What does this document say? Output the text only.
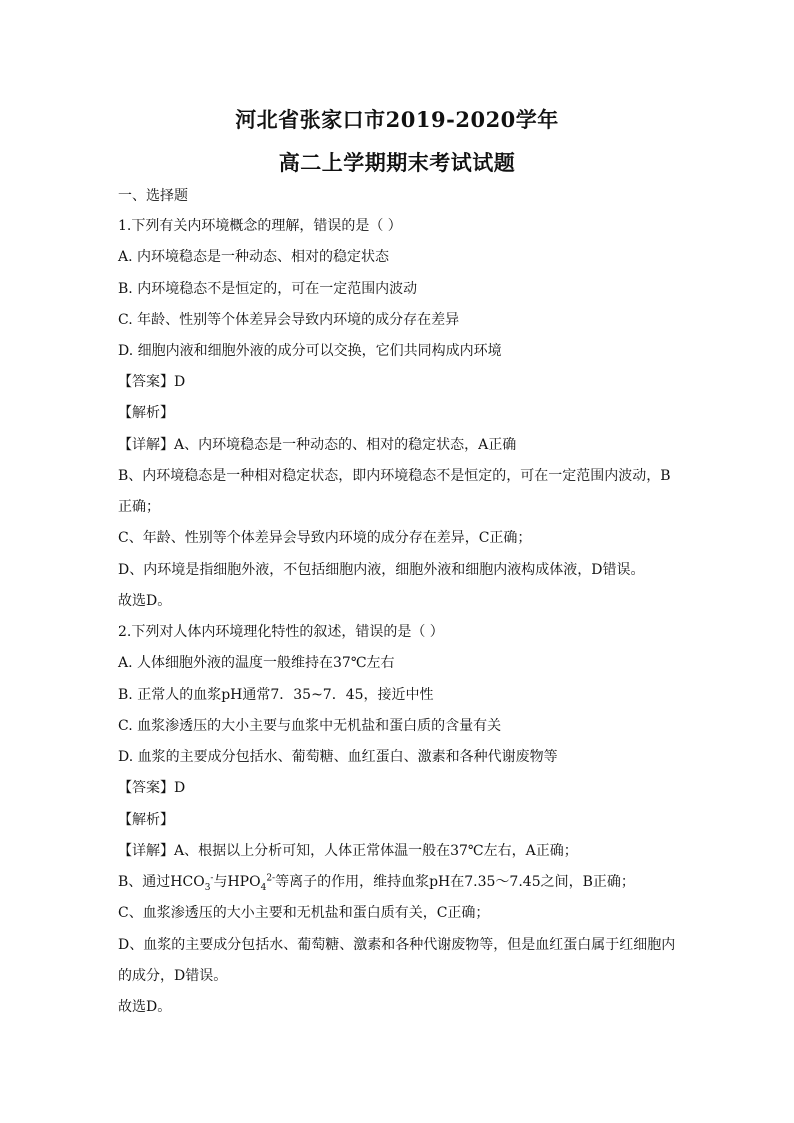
河北省张家口市2019-2020学年
高二上学期期末考试试题
一、选择题
1.下列有关内环境概念的理解，错误的是（ ）
A. 内环境稳态是一种动态、相对的稳定状态
B. 内环境稳态不是恒定的，可在一定范围内波动
C. 年龄、性别等个体差异会导致内环境的成分存在差异
D. 细胞内液和细胞外液的成分可以交换，它们共同构成内环境
【答案】D
【解析】
【详解】A、内环境稳态是一种动态的、相对的稳定状态，A正确
B、内环境稳态是一种相对稳定状态，即内环境稳态不是恒定的，可在一定范围内波动，B
正确；
C、年龄、性别等个体差异会导致内环境的成分存在差异，C正确；
D、内环境是指细胞外液，不包括细胞内液，细胞外液和细胞内液构成体液，D错误。
故选D。
2.下列对人体内环境理化特性的叙述，错误的是（ ）
A. 人体细胞外液的温度一般维持在37℃左右
B. 正常人的血浆pH通常7．35~7．45，接近中性
C. 血浆渗透压的大小主要与血浆中无机盐和蛋白质的含量有关
D. 血浆的主要成分包括水、葡萄糖、血红蛋白、激素和各种代谢废物等
【答案】D
【解析】
【详解】A、根据以上分析可知，人体正常体温一般在37℃左右，A正确；
B、通过$HCO_3^-$与$HPO_4^{2-}$等离子的作用，维持血浆pH在7.35～7.45之间，B正确；
C、血浆渗透压的大小主要和无机盐和蛋白质有关，C正确；
D、血浆的主要成分包括水、葡萄糖、激素和各种代谢废物等，但是血红蛋白属于红细胞内
的成分，D错误。
故选D。
